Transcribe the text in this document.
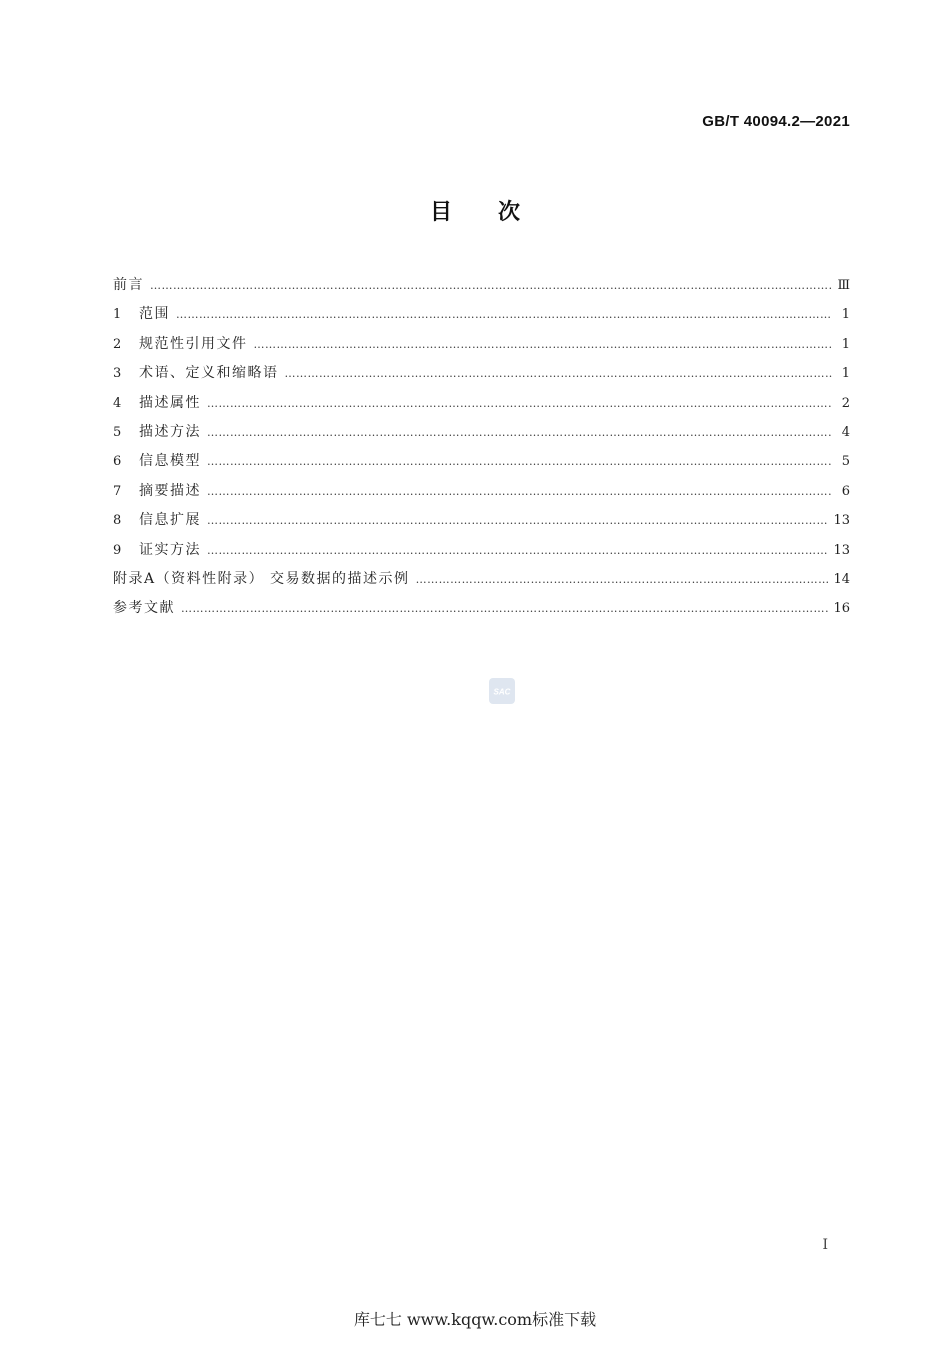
GB/T 40094.2—2021
目次
前言 …………………………………………………………………………………………………………………………………………………………………………………………………	Ⅲ
1	范围 …………………………………………………………………………………………………………………………………………………………………………………………………	1
2	规范性引用文件 …………………………………………………………………………………………………………………………………………………………………………………………………	1
3	术语、定义和缩略语 …………………………………………………………………………………………………………………………………………………………………………………………………	1
4	描述属性 …………………………………………………………………………………………………………………………………………………………………………………………………	2
5	描述方法 …………………………………………………………………………………………………………………………………………………………………………………………………	4
6	信息模型 …………………………………………………………………………………………………………………………………………………………………………………………………	5
7	摘要描述 …………………………………………………………………………………………………………………………………………………………………………………………………	6
8	信息扩展 …………………………………………………………………………………………………………………………………………………………………………………………………	13
9	证实方法 …………………………………………………………………………………………………………………………………………………………………………………………………	13
附录A（资料性附录） 交易数据的描述示例 …………………………………………………………………………………………………………………………………………………………………………………………………	14
参考文献 …………………………………………………………………………………………………………………………………………………………………………………………………	16
SAC
I
库七七 www.kqqw.com标准下载
